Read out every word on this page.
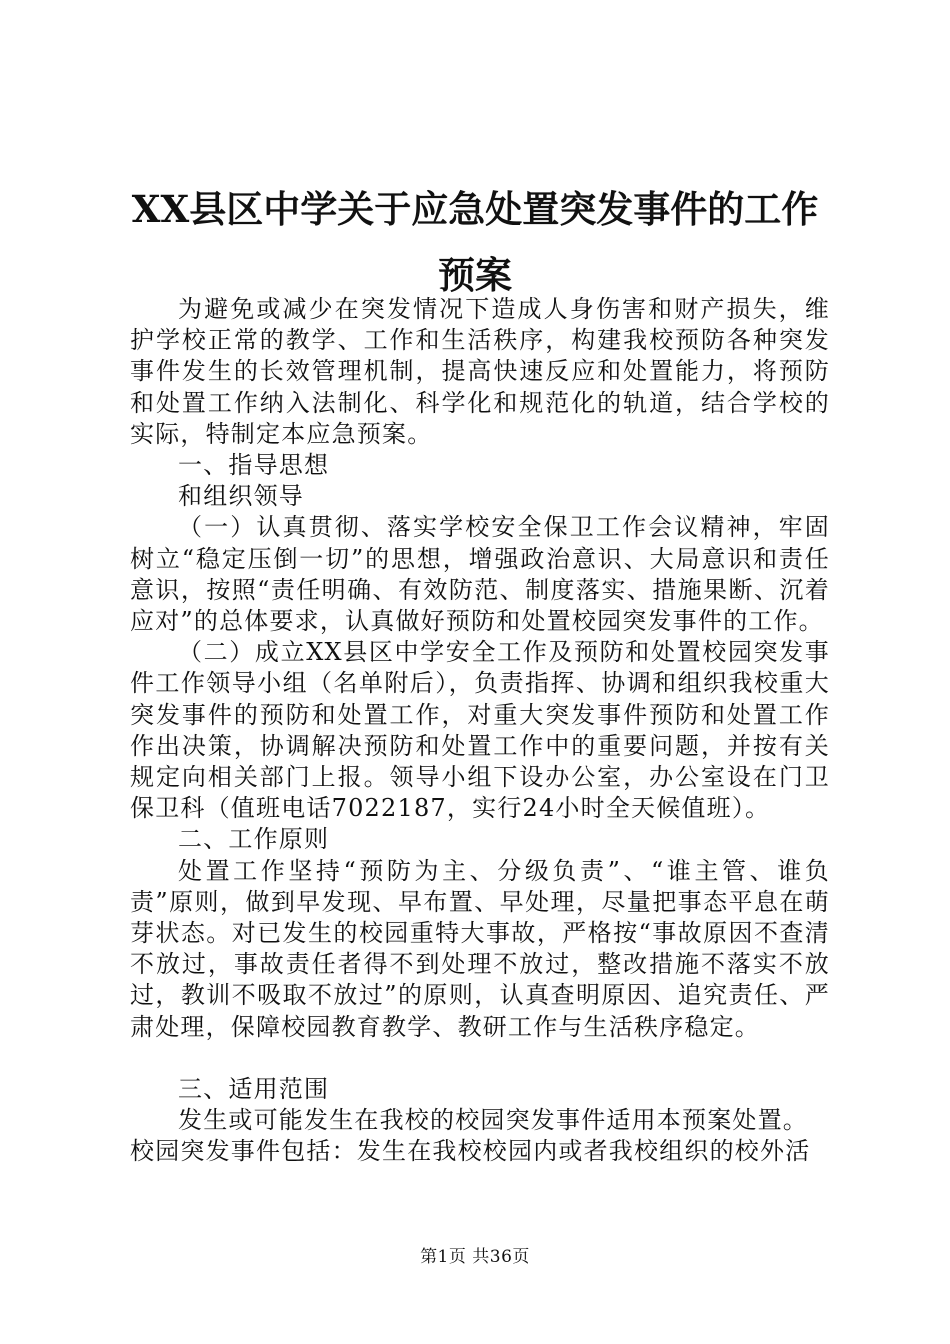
XX县区中学关于应急处置突发事件的工作预案

为避免或减少在突发情况下造成人身伤害和财产损失，维护学校正常的教学、工作和生活秩序，构建我校预防各种突发事件发生的长效管理机制，提高快速反应和处置能力，将预防和处置工作纳入法制化、科学化和规范化的轨道，结合学校的实际，特制定本应急预案。

一、指导思想

和组织领导

（一）认真贯彻、落实学校安全保卫工作会议精神，牢固树立“稳定压倒一切”的思想，增强政治意识、大局意识和责任意识，按照“责任明确、有效防范、制度落实、措施果断、沉着应对”的总体要求，认真做好预防和处置校园突发事件的工作。

（二）成立XX县区中学安全工作及预防和处置校园突发事件工作领导小组（名单附后），负责指挥、协调和组织我校重大突发事件的预防和处置工作，对重大突发事件预防和处置工作作出决策，协调解决预防和处置工作中的重要问题，并按有关规定向相关部门上报。领导小组下设办公室，办公室设在门卫保卫科（值班电话7022187，实行24小时全天候值班）。

二、工作原则

处置工作坚持“预防为主、分级负责”、“谁主管、谁负责”原则，做到早发现、早布置、早处理，尽量把事态平息在萌芽状态。对已发生的校园重特大事故，严格按“事故原因不查清不放过，事故责任者得不到处理不放过，整改措施不落实不放过，教训不吸取不放过”的原则，认真查明原因、追究责任、严肃处理，保障校园教育教学、教研工作与生活秩序稳定。

三、适用范围

发生或可能发生在我校的校园突发事件适用本预案处置。

校园突发事件包括：发生在我校校园内或者我校组织的校外活

第1页 共36页
